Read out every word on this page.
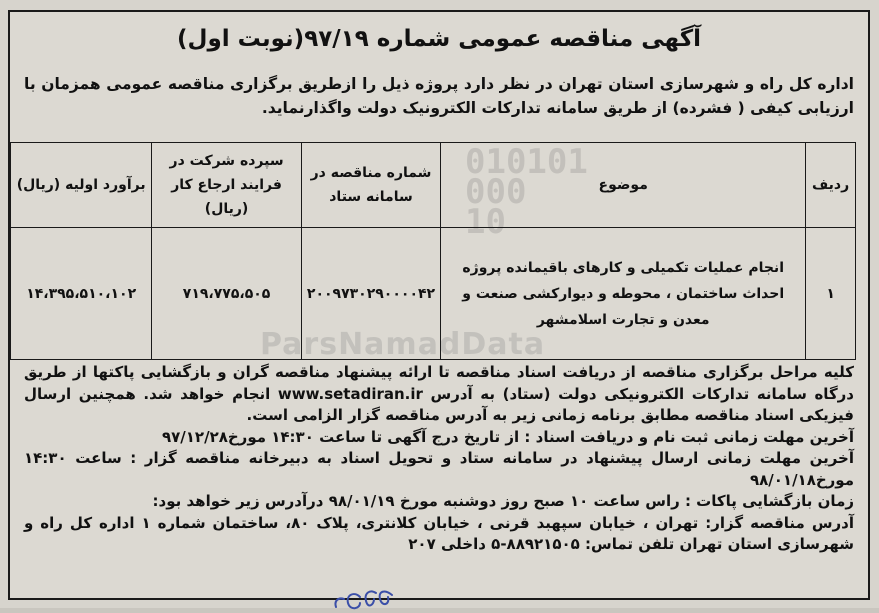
010101
000
10
ParsNamadData
آگهی مناقصه عمومی شماره ۹۷/۱۹(نوبت اول)
اداره کل راه و شهرسازی استان تهران در نظر دارد پروژه ذیل را ازطریق برگزاری مناقصه عمومی همزمان با ارزیابی کیفی ( فشرده) از طریق سامانه تدارکات الکترونیک دولت واگذارنماید.
ردیف	موضوع	شماره مناقصه در سامانه ستاد	سپرده شرکت در فرایند ارجاع کار (ریال)	برآورد اولیه (ریال)
۱	انجام عملیات تکمیلی و کارهای باقیمانده پروژه احداث ساختمان ، محوطه و دیوارکشی صنعت و معدن و تجارت اسلامشهر	۲۰۰۹۷۳۰۲۹۰۰۰۰۴۲	۷۱۹،۷۷۵،۵۰۵	۱۴،۳۹۵،۵۱۰،۱۰۲

کلیه مراحل برگزاری مناقصه از دریافت اسناد مناقصه تا ارائه پیشنهاد مناقصه گران و بازگشایی پاکتها از طریق درگاه سامانه تدارکات الکترونیکی دولت (ستاد) به آدرس www.setadiran.ir انجام خواهد شد. همچنین ارسال فیزیکی اسناد مناقصه مطابق برنامه زمانی زیر به آدرس مناقصه گزار الزامی است.

آخرین مهلت زمانی ثبت نام و دریافت اسناد : از تاریخ درج آگهی تا ساعت ۱۴:۳۰ مورخ۹۷/۱۲/۲۸

آخرین مهلت زمانی ارسال پیشنهاد در سامانه ستاد و تحویل اسناد به دبیرخانه مناقصه گزار : ساعت ۱۴:۳۰ مورخ۹۸/۰۱/۱۸

زمان بازگشایی پاکات : راس ساعت ۱۰ صبح روز دوشنبه مورخ ۹۸/۰۱/۱۹ درآدرس زیر خواهد بود:

آدرس مناقصه گزار: تهران ، خیابان سپهبد قرنی ، خیابان کلانتری، پلاک ۸۰، ساختمان شماره ۱ اداره کل راه و شهرسازی استان تهران تلفن تماس: ۸۸۹۲۱۵۰۵-۵ داخلی ۲۰۷
